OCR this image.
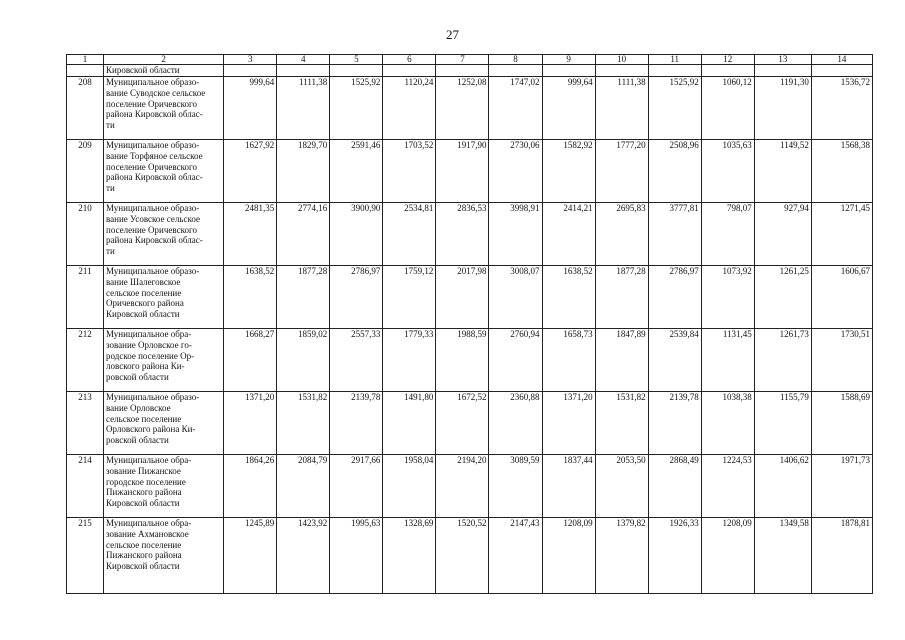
27
1	2	3	4	5	6	7	8	9	10	11	12	13	14
	Кировской области												
208	Муниципальное образо-
вание Суводское сельское
поселение Оричевского
района Кировской облас-
ти	999,64	1111,38	1525,92	1120,24	1252,08	1747,02	999,64	1111,38	1525,92	1060,12	1191,30	1536,72
209	Муниципальное образо-
вание Торфяное сельское
поселение Оричевского
района Кировской облас-
ти	1627,92	1829,70	2591,46	1703,52	1917,90	2730,06	1582,92	1777,20	2508,96	1035,63	1149,52	1568,38
210	Муниципальное образо-
вание Усовское сельское
поселение Оричевского
района Кировской облас-
ти	2481,35	2774,16	3900,90	2534,81	2836,53	3998,91	2414,21	2695,83	3777,81	798,07	927,94	1271,45
211	Муниципальное образо-
вание Шалеговское
сельское поселение
Оричевского района
Кировской области	1638,52	1877,28	2786,97	1759,12	2017,98	3008,07	1638,52	1877,28	2786,97	1073,92	1261,25	1606,67
212	Муниципальное обра-
зование Орловское го-
родское поселение Ор-
ловского района Ки-
ровской области	1668,27	1859,02	2557,33	1779,33	1988,59	2760,94	1658,73	1847,89	2539,84	1131,45	1261,73	1730,51
213	Муниципальное образо-
вание Орловское
сельское поселение
Орловского района Ки-
ровской области	1371,20	1531,82	2139,78	1491,80	1672,52	2360,88	1371,20	1531,82	2139,78	1038,38	1155,79	1588,69
214	Муниципальное обра-
зование Пижанское
городское поселение
Пижанского района
Кировской области	1864,26	2084,79	2917,66	1958,04	2194,20	3089,59	1837,44	2053,50	2868,49	1224,53	1406,62	1971,73
215	Муниципальное обра-
зование Ахмановское
сельское поселение
Пижанского района
Кировской области	1245,89	1423,92	1995,63	1328,69	1520,52	2147,43	1208,09	1379,82	1926,33	1208,09	1349,58	1878,81
